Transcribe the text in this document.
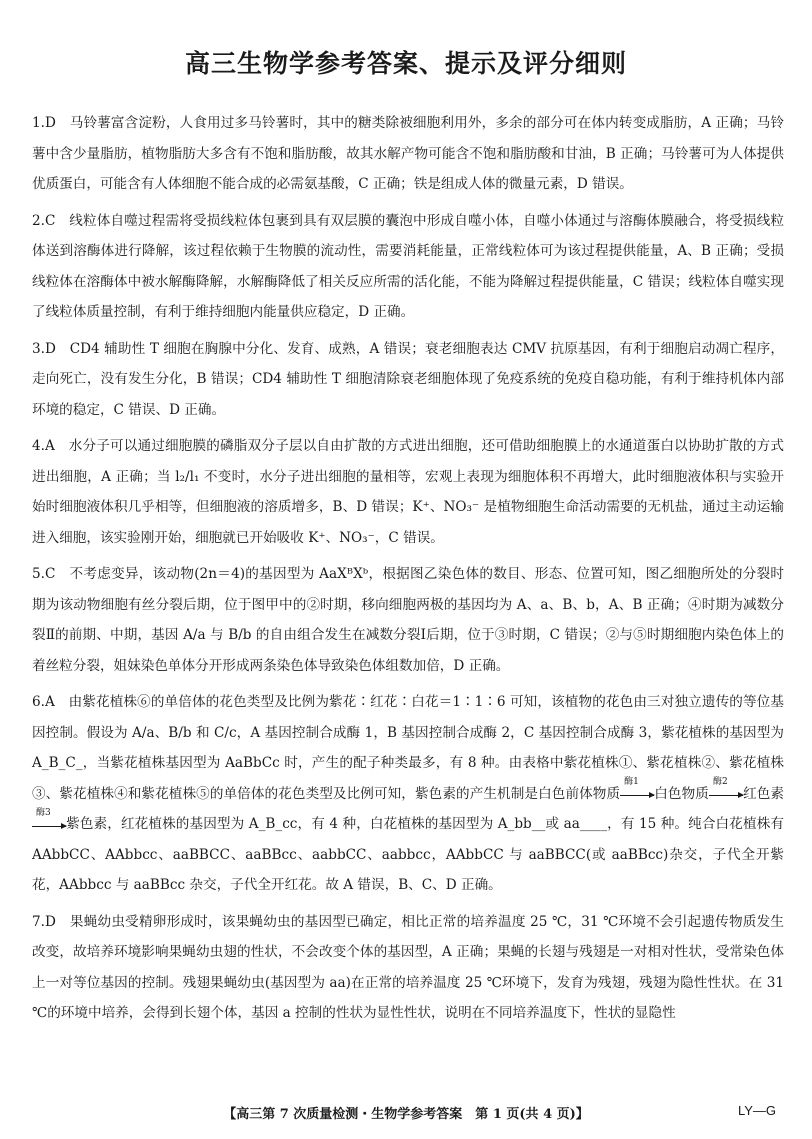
高三生物学参考答案、提示及评分细则

1.D　马铃薯富含淀粉，人食用过多马铃薯时，其中的糖类除被细胞利用外，多余的部分可在体内转变成脂肪，A 正确；马铃薯中含少量脂肪，植物脂肪大多含有不饱和脂肪酸，故其水解产物可能含不饱和脂肪酸和甘油，B 正确；马铃薯可为人体提供优质蛋白，可能含有人体细胞不能合成的必需氨基酸，C 正确；铁是组成人体的微量元素，D 错误。

2.C　线粒体自噬过程需将受损线粒体包裹到具有双层膜的囊泡中形成自噬小体，自噬小体通过与溶酶体膜融合，将受损线粒体送到溶酶体进行降解，该过程依赖于生物膜的流动性，需要消耗能量，正常线粒体可为该过程提供能量，A、B 正确；受损线粒体在溶酶体中被水解酶降解，水解酶降低了相关反应所需的活化能，不能为降解过程提供能量，C 错误；线粒体自噬实现了线粒体质量控制，有利于维持细胞内能量供应稳定，D 正确。

3.D　CD4 辅助性 T 细胞在胸腺中分化、发育、成熟，A 错误；衰老细胞表达 CMV 抗原基因，有利于细胞启动凋亡程序，走向死亡，没有发生分化，B 错误；CD4 辅助性 T 细胞清除衰老细胞体现了免疫系统的免疫自稳功能，有利于维持机体内部环境的稳定，C 错误、D 正确。

4.A　水分子可以通过细胞膜的磷脂双分子层以自由扩散的方式进出细胞，还可借助细胞膜上的水通道蛋白以协助扩散的方式进出细胞，A 正确；当 l₂/l₁ 不变时，水分子进出细胞的量相等，宏观上表现为细胞体积不再增大，此时细胞液体积与实验开始时细胞液体积几乎相等，但细胞液的溶质增多，B、D 错误；K⁺、NO₃⁻ 是植物细胞生命活动需要的无机盐，通过主动运输进入细胞，该实验刚开始，细胞就已开始吸收 K⁺、NO₃⁻，C 错误。

5.C　不考虑变异，该动物(2n＝4)的基因型为 AaXᴮXᵇ，根据图乙染色体的数目、形态、位置可知，图乙细胞所处的分裂时期为该动物细胞有丝分裂后期，位于图甲中的②时期，移向细胞两极的基因均为 A、a、B、b，A、B 正确；④时期为减数分裂Ⅱ的前期、中期，基因 A/a 与 B/b 的自由组合发生在减数分裂Ⅰ后期，位于③时期，C 错误；②与⑤时期细胞内染色体上的着丝粒分裂，姐妹染色单体分开形成两条染色体导致染色体组数加倍，D 正确。

6.A　由紫花植株⑥的单倍体的花色类型及比例为紫花∶红花∶白花＝1∶1∶6 可知，该植物的花色由三对独立遗传的等位基因控制。假设为 A/a、B/b 和 C/c，A 基因控制合成酶 1，B 基因控制合成酶 2，C 基因控制合成酶 3，紫花植株的基因型为 A_B_C_，当紫花植株基因型为 AaBbCc 时，产生的配子种类最多，有 8 种。由表格中紫花植株①、紫花植株②、紫花植株③、紫花植株④和紫花植株⑤的单倍体的花色类型及比例可知，紫色素的产生机制是白色前体物质
酶1
白色物质
酶2
红色素
酶3
紫色素，红花植株的基因型为 A_B_cc，有 4 种，白花植株的基因型为 A_bb__或 aa____，有 15 种。纯合白花植株有 AAbbCC、AAbbcc、aaBBCC、aaBBcc、aabbCC、aabbcc，AAbbCC 与 aaBBCC(或 aaBBcc)杂交，子代全开紫花，AAbbcc 与 aaBBcc 杂交，子代全开红花。故 A 错误，B、C、D 正确。

7.D　果蝇幼虫受精卵形成时，该果蝇幼虫的基因型已确定，相比正常的培养温度 25 ℃，31 ℃环境不会引起遗传物质发生改变，故培养环境影响果蝇幼虫翅的性状，不会改变个体的基因型，A 正确；果蝇的长翅与残翅是一对相对性状，受常染色体上一对等位基因的控制。残翅果蝇幼虫(基因型为 aa)在正常的培养温度 25 ℃环境下，发育为残翅，残翅为隐性性状。在 31 ℃的环境中培养，会得到长翅个体，基因 a 控制的性状为显性性状，说明在不同培养温度下，性状的显隐性

【高三第 7 次质量检测・生物学参考答案　第 1 页(共 4 页)】	LY—G
